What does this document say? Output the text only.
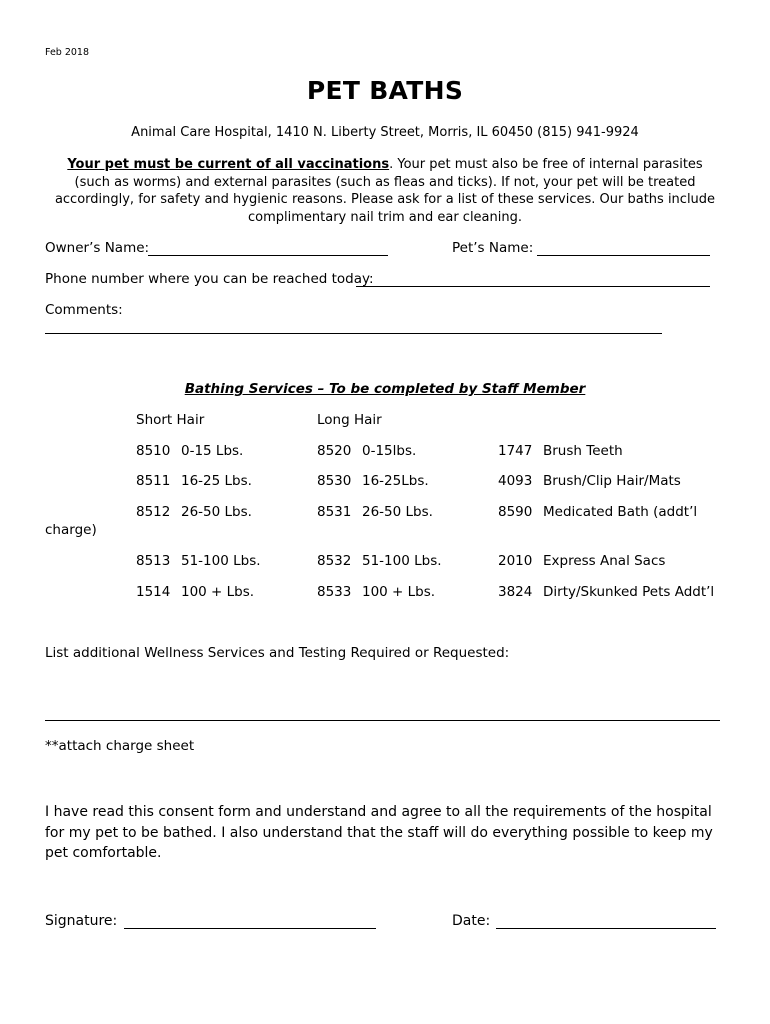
Feb 2018
PET BATHS
Animal Care Hospital, 1410 N. Liberty Street, Morris, IL 60450 (815) 941-9924
Your pet must be current of all vaccinations. Your pet must also be free of internal parasites (such as worms) and external parasites (such as fleas and ticks). If not, your pet will be treated accordingly, for safety and hygienic reasons. Please ask for a list of these services. Our baths include complimentary nail trim and ear cleaning.
Owner’s Name:	Pet’s Name:
Phone number where you can be reached today:
Comments:
Bathing Services – To be completed by Staff Member
Short Hair	Long Hair
8510 0-15 Lbs.	8520 0-15lbs.	1747 Brush Teeth
8511 16-25 Lbs.	8530 16-25Lbs.	4093 Brush/Clip Hair/Mats
8512 26-50 Lbs.	8531 26-50 Lbs.	8590 Medicated Bath (addt’l
charge)
8513 51-100 Lbs.	8532 51-100 Lbs.	2010 Express Anal Sacs
1514 100 + Lbs.	8533 100 + Lbs.	3824 Dirty/Skunked Pets Addt’l
List additional Wellness Services and Testing Required or Requested:
**attach charge sheet
I have read this consent form and understand and agree to all the requirements of the hospital for my pet to be bathed. I also understand that the staff will do everything possible to keep my pet comfortable.
Signature:	Date:
